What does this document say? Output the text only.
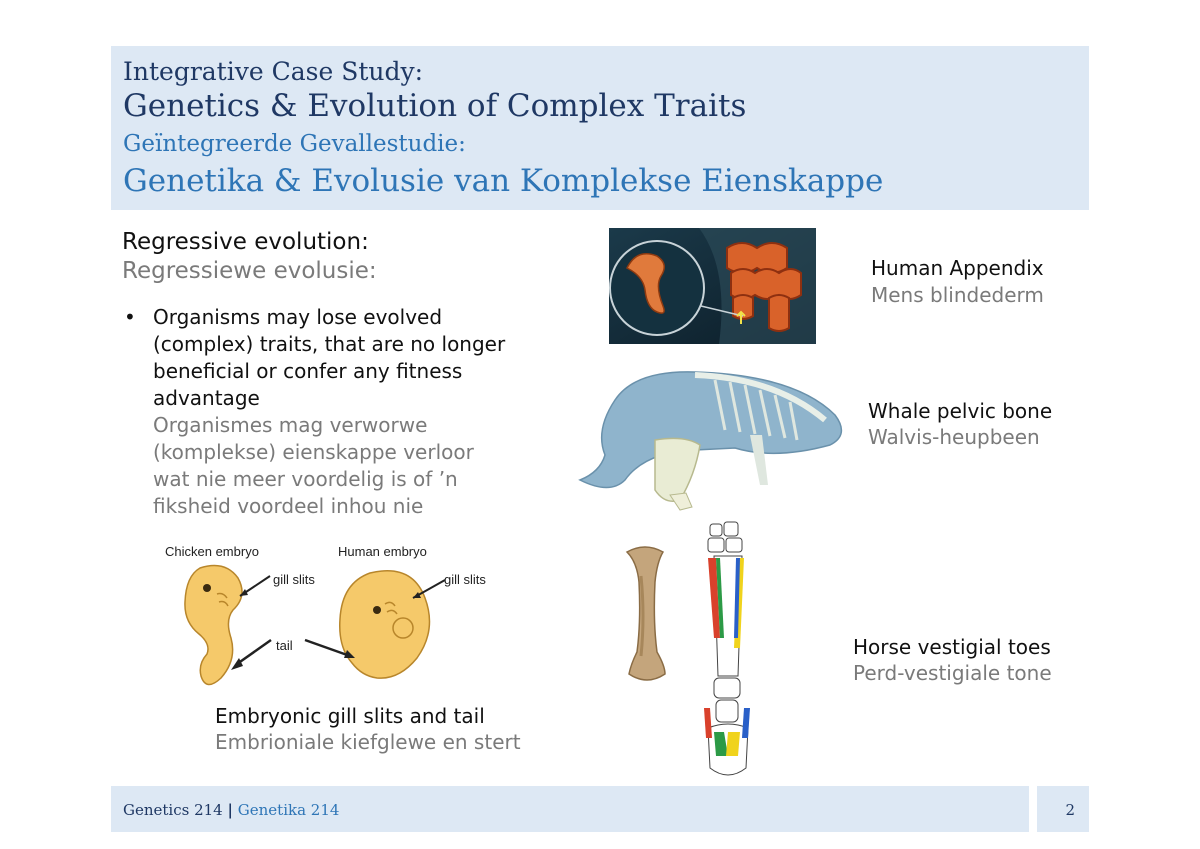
Integrative Case Study:
Genetics & Evolution of Complex Traits
Geïntegreerde Gevallestudie:
Genetika & Evolusie van Komplekse Eienskappe
Regressive evolution:
Regressiewe evolusie:
• Organisms may lose evolved
(complex) traits, that are no longer
beneficial or confer any fitness
advantage
Organismes mag verworwe
(komplekse) eienskappe verloor
wat nie meer voordelig is of ’n
fiksheid voordeel inhou nie
Chicken embryo	Human embryo
gill slits	gill slits
tail
Embryonic gill slits and tail
Embrioniale kiefglewe en stert
Human Appendix
Mens blindederm
Whale pelvic bone
Walvis-heupbeen
Horse vestigial toes
Perd-vestigiale tone
Genetics 214 | Genetika 214	2
